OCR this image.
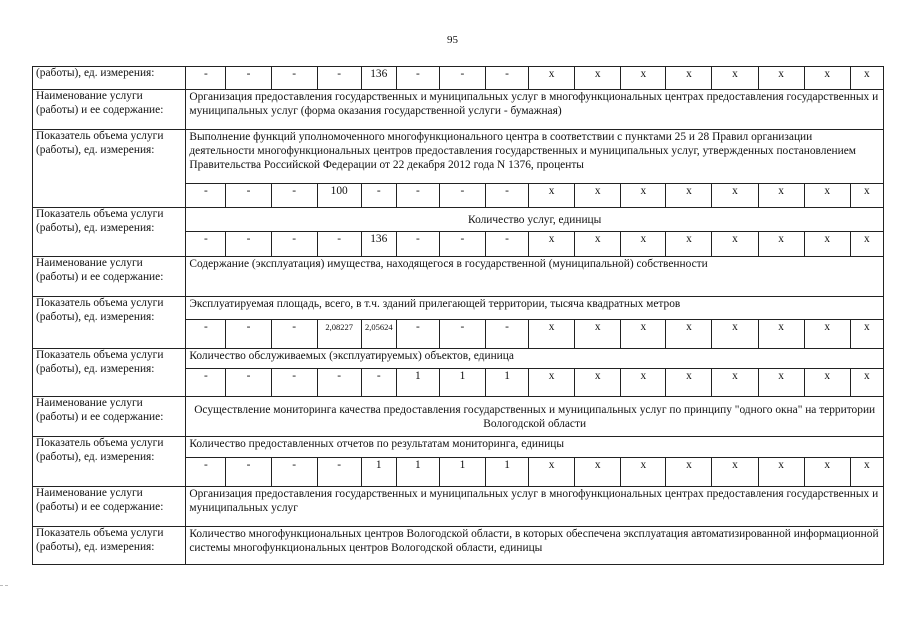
95
(работы), ед. измерения:	-	-	-	-	136	-	-	-	x	x	x	x	x	x	x	x
Наименование услуги (работы) и ее содержание:	Организация предоставления государственных и муниципальных услуг в многофункциональных центрах предоставления государственных и муниципальных услуг (форма оказания государственной услуги - бумажная)															
Показатель объема услуги (работы), ед. измерения:	Выполнение функций уполномоченного многофункционального центра в соответствии с пунктами 25 и 28 Правил организации деятельности многофункциональных центров предоставления государственных и муниципальных услуг, утвержденных постановлением Правительства Российской Федерации от 22 декабря 2012 года N 1376, проценты															
	-	-	-	100	-	-	-	-	x	x	x	x	x	x	x	x
Показатель объема услуги (работы), ед. измерения:	Количество услуг, единицы															
	-	-	-	-	136	-	-	-	x	x	x	x	x	x	x	x
Наименование услуги (работы) и ее содержание:	Содержание (эксплуатация) имущества, находящегося в государственной (муниципальной) собственности															
Показатель объема услуги (работы), ед. измерения:	Эксплуатируемая площадь, всего, в т.ч. зданий прилегающей территории, тысяча квадратных метров															
	-	-	-	2,08227	2,05624	-	-	-	x	x	x	x	x	x	x	x
Показатель объема услуги (работы), ед. измерения:	Количество обслуживаемых (эксплуатируемых) объектов, единица															
	-	-	-	-	-	1	1	1	x	x	x	x	x	x	x	x
Наименование услуги (работы) и ее содержание:	Осуществление мониторинга качества предоставления государственных и муниципальных услуг по принципу "одного окна" на территории Вологодской области															
Показатель объема услуги (работы), ед. измерения:	Количество предоставленных отчетов по результатам мониторинга, единицы															
	-	-	-	-	1	1	1	1	x	x	x	x	x	x	x	x
Наименование услуги (работы) и ее содержание:	Организация предоставления государственных и муниципальных услуг в многофункциональных центрах предоставления государственных и муниципальных услуг															
Показатель объема услуги (работы), ед. измерения:	Количество многофункциональных центров Вологодской области, в которых обеспечена эксплуатация автоматизированной информационной системы многофункциональных центров Вологодской области, единицы															
